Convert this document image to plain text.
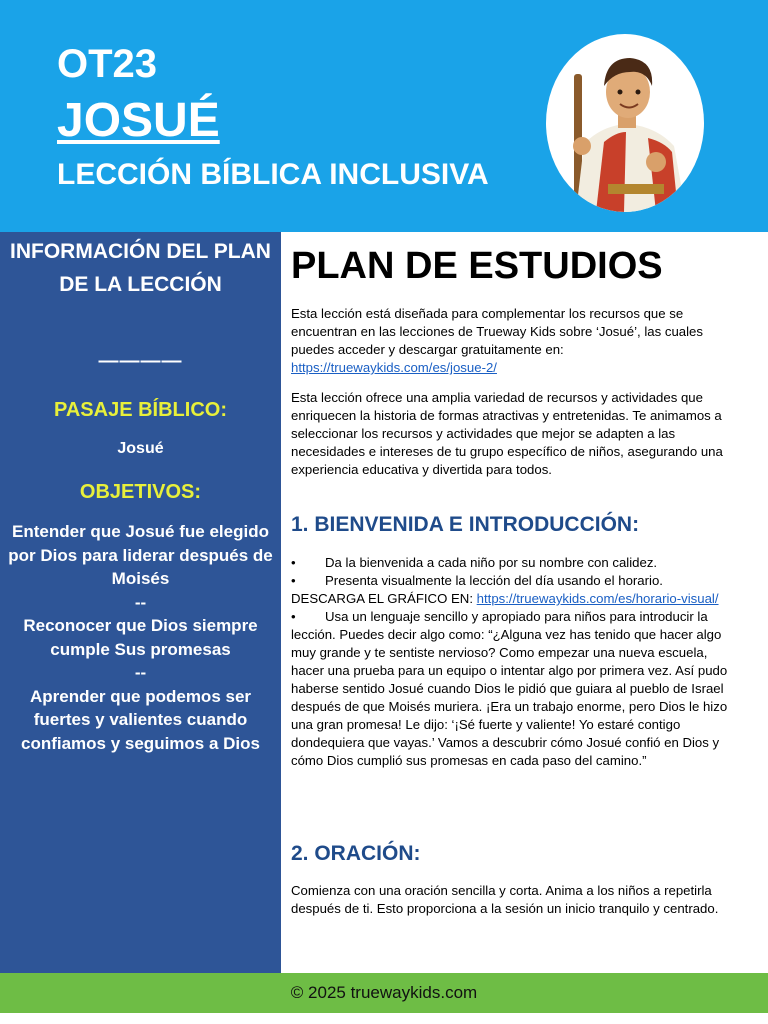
OT23
JOSUÉ
LECCIÓN BÍBLICA INCLUSIVA
INFORMACIÓN DEL PLAN DE LA LECCIÓN
————
PASAJE BÍBLICO:
Josué
OBJETIVOS:
Entender que Josué fue elegido por Dios para liderar después de Moisés
--
Reconocer que Dios siempre cumple Sus promesas
--
Aprender que podemos ser fuertes y valientes cuando confiamos y seguimos a Dios
PLAN DE ESTUDIOS

Esta lección está diseñada para complementar los recursos que se encuentran en las lecciones de Trueway Kids sobre ‘Josué’, las cuales puedes acceder y descargar gratuitamente en: https://truewaykids.com/es/josue-2/

Esta lección ofrece una amplia variedad de recursos y actividades que enriquecen la historia de formas atractivas y entretenidas. Te animamos a seleccionar los recursos y actividades que mejor se adapten a las necesidades e intereses de tu grupo específico de niños, asegurando una experiencia educativa y divertida para todos.

1. BIENVENIDA E INTRODUCCIÓN:
• Da la bienvenida a cada niño por su nombre con calidez.
• Presenta visualmente la lección del día usando el horario.
DESCARGA EL GRÁFICO EN: https://truewaykids.com/es/horario-visual/
• Usa un lenguaje sencillo y apropiado para niños para introducir la lección. Puedes decir algo como: “¿Alguna vez has tenido que hacer algo muy grande y te sentiste nervioso? Como empezar una nueva escuela, hacer una prueba para un equipo o intentar algo por primera vez. Así pudo haberse sentido Josué cuando Dios le pidió que guiara al pueblo de Israel después de que Moisés muriera. ¡Era un trabajo enorme, pero Dios le hizo una gran promesa! Le dijo: ‘¡Sé fuerte y valiente! Yo estaré contigo dondequiera que vayas.’ Vamos a descubrir cómo Josué confió en Dios y cómo Dios cumplió sus promesas en cada paso del camino.”
2. ORACIÓN:

Comienza con una oración sencilla y corta. Anima a los niños a repetirla después de ti. Esto proporciona a la sesión un inicio tranquilo y centrado.

© 2025 truewaykids.com
